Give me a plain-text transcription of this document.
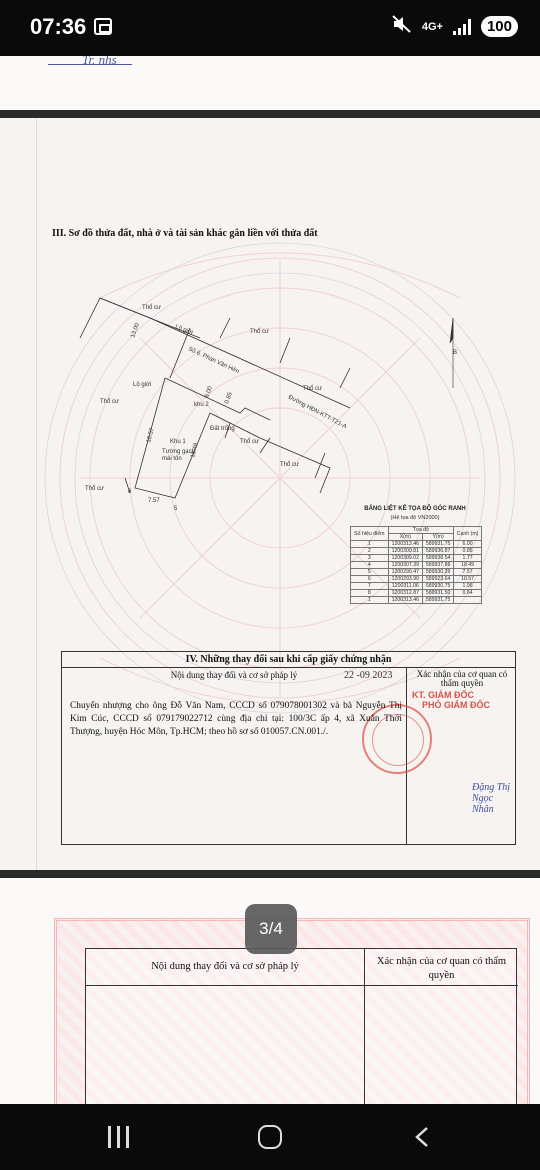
07:36	4G+	100
Tr. nhs
III. Sơ đồ thửa đất, nhà ở và tài sản khác gắn liền với thửa đất
B
Thổ cư
Lộ giới	Thổ cư
Số 6. Phan Văn Hớn
Lộ giới
Thổ cư
khu 2	Đường HĐN-KTT-T21-A
Đất trống
Thổ cư
Khu 1
Tường gạch
mái tôn
Thổ cư
Thổ cư
Thổ cư	6
5
7.57
18.57
18.49
6.00 0.85
13.00
BẢNG LIỆT KÊ TỌA ĐỘ GÓC RANH
(Hệ tọa độ VN2000)
Số hiệu điểm	Tọa độ		Cạnh (m)
	X(m)	Y(m)	
1	1200313.46	589931.75	6.00
2	1200309.81	589936.87	0.85
3	1200309.02	589938.54	1.77
4	1200307.39	589937.86	18.49
5	1200290.47	589930.39	7.57
6	1200293.90	589923.64	18.57
7	1200311.06	589930.75	1.96
8	1200312.87	589931.50	0.64
1	1200313.46	589931.75	
IV. Những thay đổi sau khi cấp giấy chứng nhận
Nội dung thay đổi và cơ sở pháp lý	22 -09 2023	Xác nhận của cơ quan có thẩm quyền
KT. GIÁM ĐỐC
PHÓ GIÁM ĐỐC
Chuyển nhượng cho ông Đỗ Văn Nam, CCCD số 079078001302 và bà Nguyễn Thị Kim Cúc, CCCD số 079179022712 cùng địa chỉ tại: 100/3C ấp 4, xã Xuân Thới Thượng, huyện Hóc Môn, Tp.HCM; theo hồ sơ số 010057.CN.001./.
Đặng Thị Ngọc Nhân
Nội dung thay đổi và cơ sở pháp lý	Xác nhận của cơ quan có thẩm quyền
3/4
